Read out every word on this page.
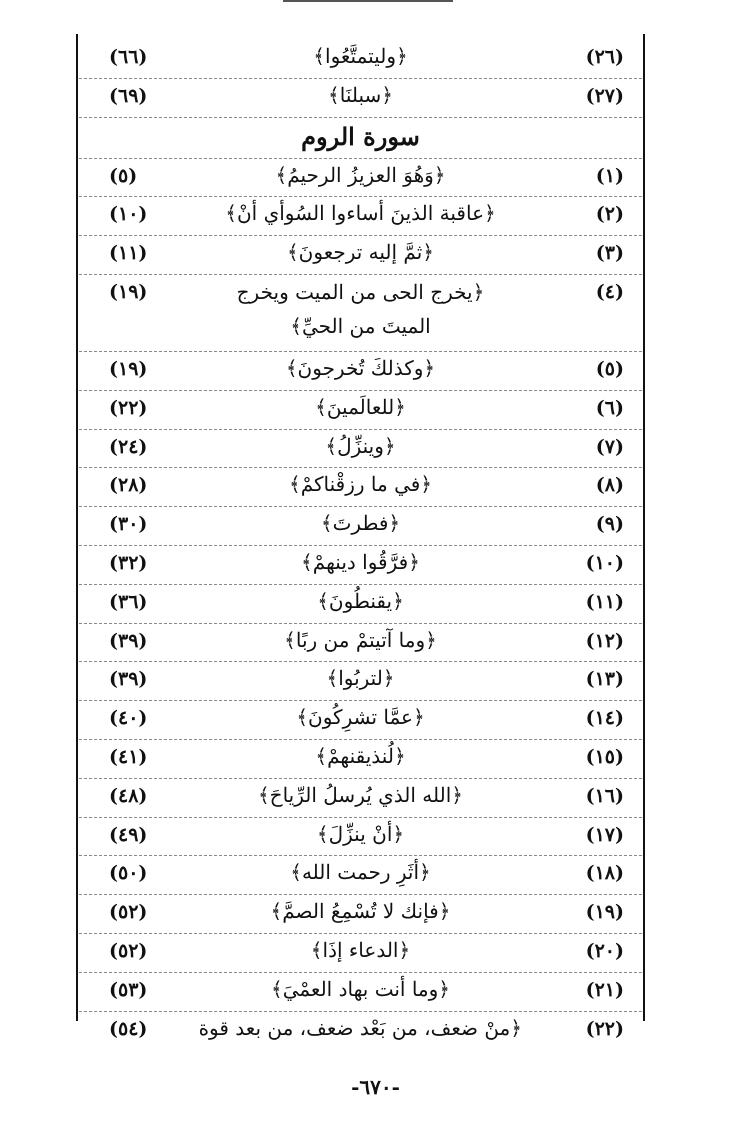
(٢٦)
﴿وليتمتَّعُوا﴾
(٦٦)
(٢٧)
﴿سبلنَا﴾
(٦٩)
سورة الروم
(١)
﴿وَهُوَ العزيزُ الرحيمُ﴾
(٥)
(٢)
﴿عاقبة الذينَ أساءوا السُوأي أنْ﴾
(١٠)
(٣)
﴿ثمَّ إليه ترجعونَ﴾
(١١)
(٤)
﴿يخرج الحى من الميت ويخرج الميتَ من الحيِّ﴾
(١٩)
(٥)
﴿وكذلكَ تُخرجونَ﴾
(١٩)
(٦)
﴿للعالَمينَ﴾
(٢٢)
(٧)
﴿وينزِّلُ﴾
(٢٤)
(٨)
﴿في ما رزقْناكمْ﴾
(٢٨)
(٩)
﴿فطرتَ﴾
(٣٠)
(١٠)
﴿فرَّقُوا دينهمْ﴾
(٣٢)
(١١)
﴿يقنطُونَ﴾
(٣٦)
(١٢)
﴿وما آتيتمْ من ربًا﴾
(٣٩)
(١٣)
﴿لتربُوا﴾
(٣٩)
(١٤)
﴿عمَّا تشرِكُونَ﴾
(٤٠)
(١٥)
﴿لُنذيقنهمْ﴾
(٤١)
(١٦)
﴿الله الذي يُرسلُ الرِّياحَ﴾
(٤٨)
(١٧)
﴿أنْ ينزِّلَ﴾
(٤٩)
(١٨)
﴿أثَرِ رحمت الله﴾
(٥٠)
(١٩)
﴿فإنك لا تُسْمِعُ الصمَّ﴾
(٥٢)
(٢٠)
﴿الدعاء إذَا﴾
(٥٢)
(٢١)
﴿وما أنت بهاد العمْيَ﴾
(٥٣)
(٢٢)
﴿منْ ضعف، من بَعْد ضعف، من بعد قوة
(٥٤)
-٦٧٠-
